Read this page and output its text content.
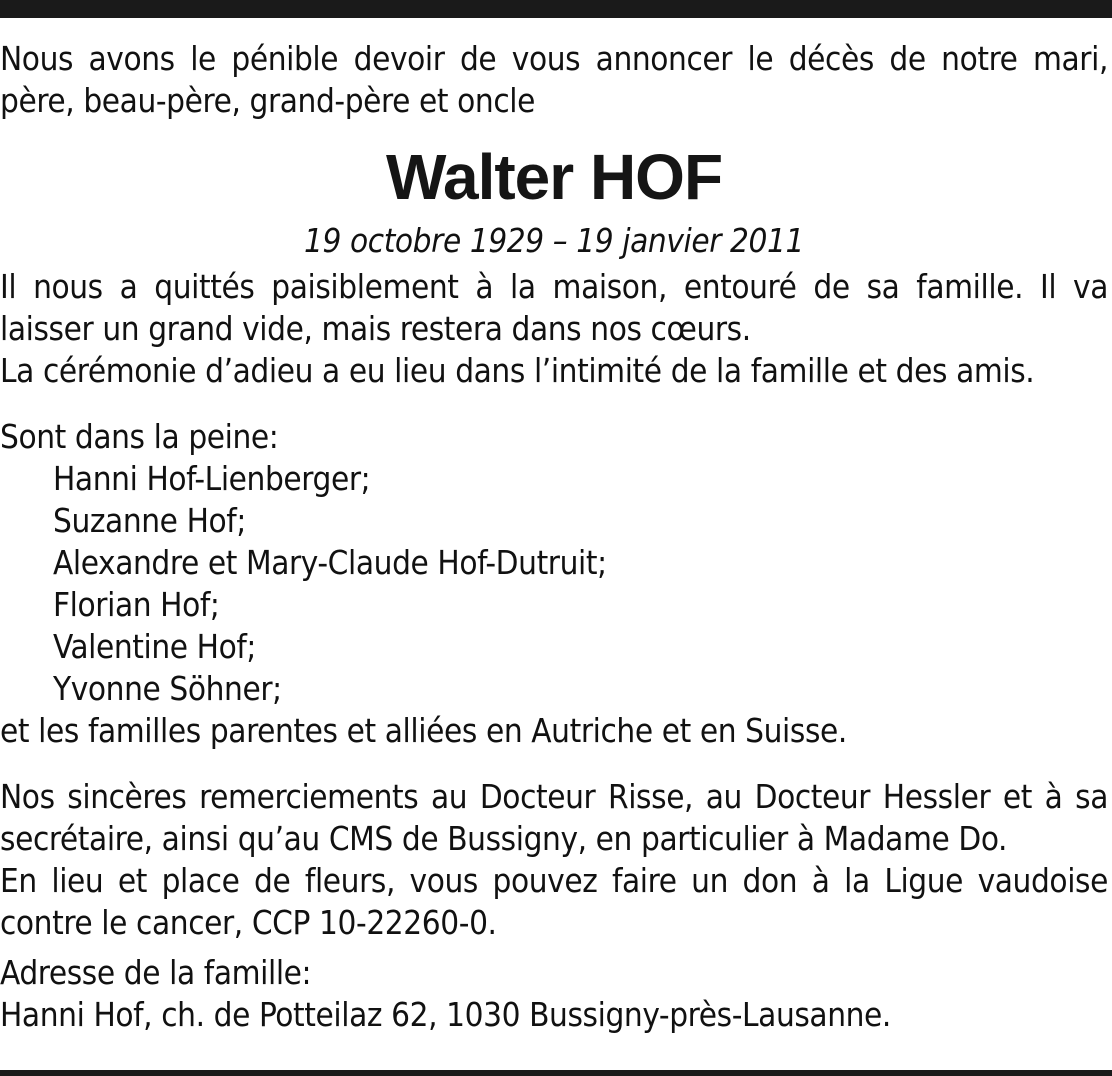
Nous avons le pénible devoir de vous annoncer le décès de notre mari, père, beau-père, grand-père et oncle

Walter HOF

19 octobre 1929 – 19 janvier 2011

Il nous a quittés paisiblement à la maison, entouré de sa famille. Il va laisser un grand vide, mais restera dans nos cœurs.

La cérémonie d’adieu a eu lieu dans l’intimité de la famille et des amis.

Sont dans la peine:

Hanni Hof-Lienberger;

Suzanne Hof;

Alexandre et Mary-Claude Hof-Dutruit;

Florian Hof;

Valentine Hof;

Yvonne Söhner;

et les familles parentes et alliées en Autriche et en Suisse.

Nos sincères remerciements au Docteur Risse, au Docteur Hessler et à sa secrétaire, ainsi qu’au CMS de Bussigny, en particulier à Madame Do.

En lieu et place de fleurs, vous pouvez faire un don à la Ligue vaudoise contre le cancer, CCP 10-22260-0.

Adresse de la famille:

Hanni Hof, ch. de Potteilaz 62, 1030 Bussigny-près-Lausanne.
